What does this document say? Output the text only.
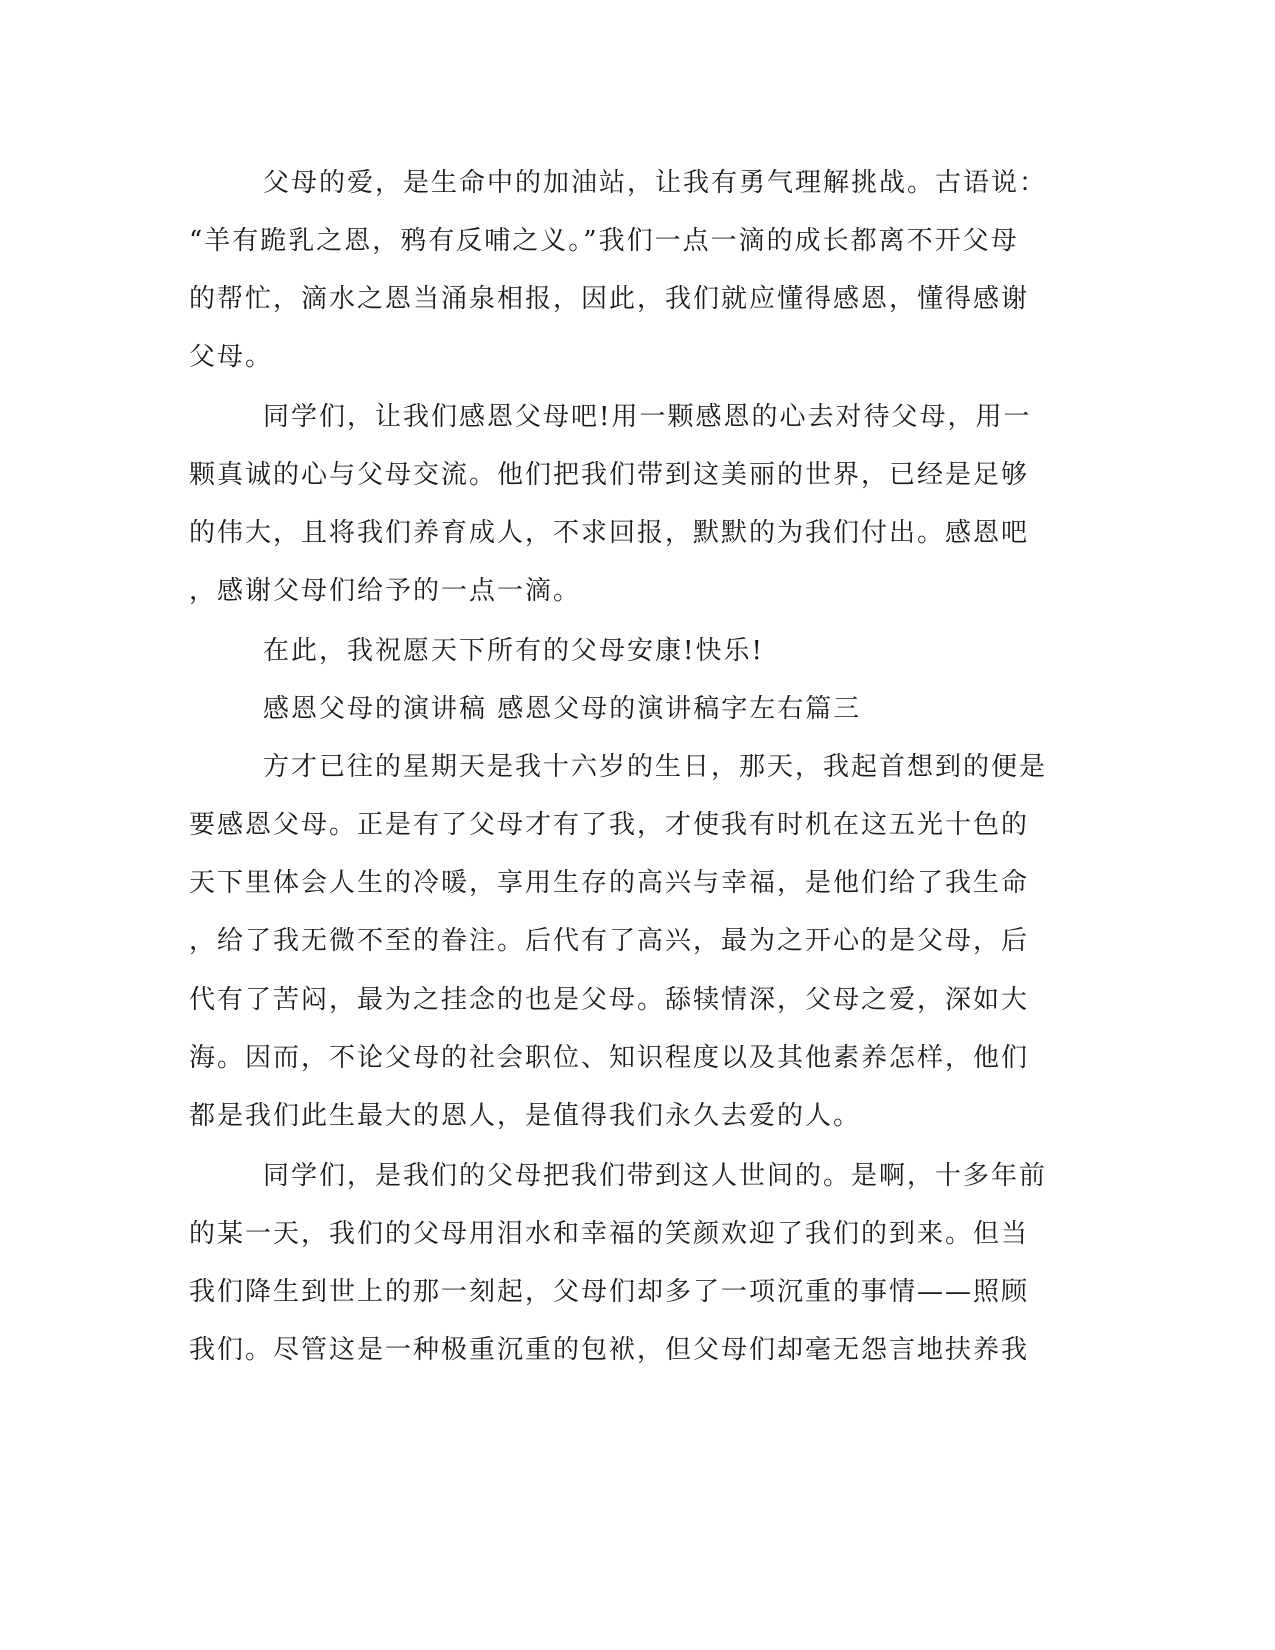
父母的爱，是生命中的加油站，让我有勇气理解挑战。古语说：

“羊有跪乳之恩，鸦有反哺之义。”我们一点一滴的成长都离不开父母

的帮忙，滴水之恩当涌泉相报，因此，我们就应懂得感恩，懂得感谢

父母。

同学们，让我们感恩父母吧!用一颗感恩的心去对待父母，用一

颗真诚的心与父母交流。他们把我们带到这美丽的世界，已经是足够

的伟大，且将我们养育成人，不求回报，默默的为我们付出。感恩吧

，感谢父母们给予的一点一滴。

在此，我祝愿天下所有的父母安康!快乐!

感恩父母的演讲稿 感恩父母的演讲稿字左右篇三

方才已往的星期天是我十六岁的生日，那天，我起首想到的便是

要感恩父母。正是有了父母才有了我，才使我有时机在这五光十色的

天下里体会人生的冷暖，享用生存的高兴与幸福，是他们给了我生命

，给了我无微不至的眷注。后代有了高兴，最为之开心的是父母，后

代有了苦闷，最为之挂念的也是父母。舔犊情深，父母之爱，深如大

海。因而，不论父母的社会职位、知识程度以及其他素养怎样，他们

都是我们此生最大的恩人，是值得我们永久去爱的人。

同学们，是我们的父母把我们带到这人世间的。是啊，十多年前

的某一天，我们的父母用泪水和幸福的笑颜欢迎了我们的到来。但当

我们降生到世上的那一刻起，父母们却多了一项沉重的事情——照顾

我们。尽管这是一种极重沉重的包袱，但父母们却毫无怨言地扶养我
